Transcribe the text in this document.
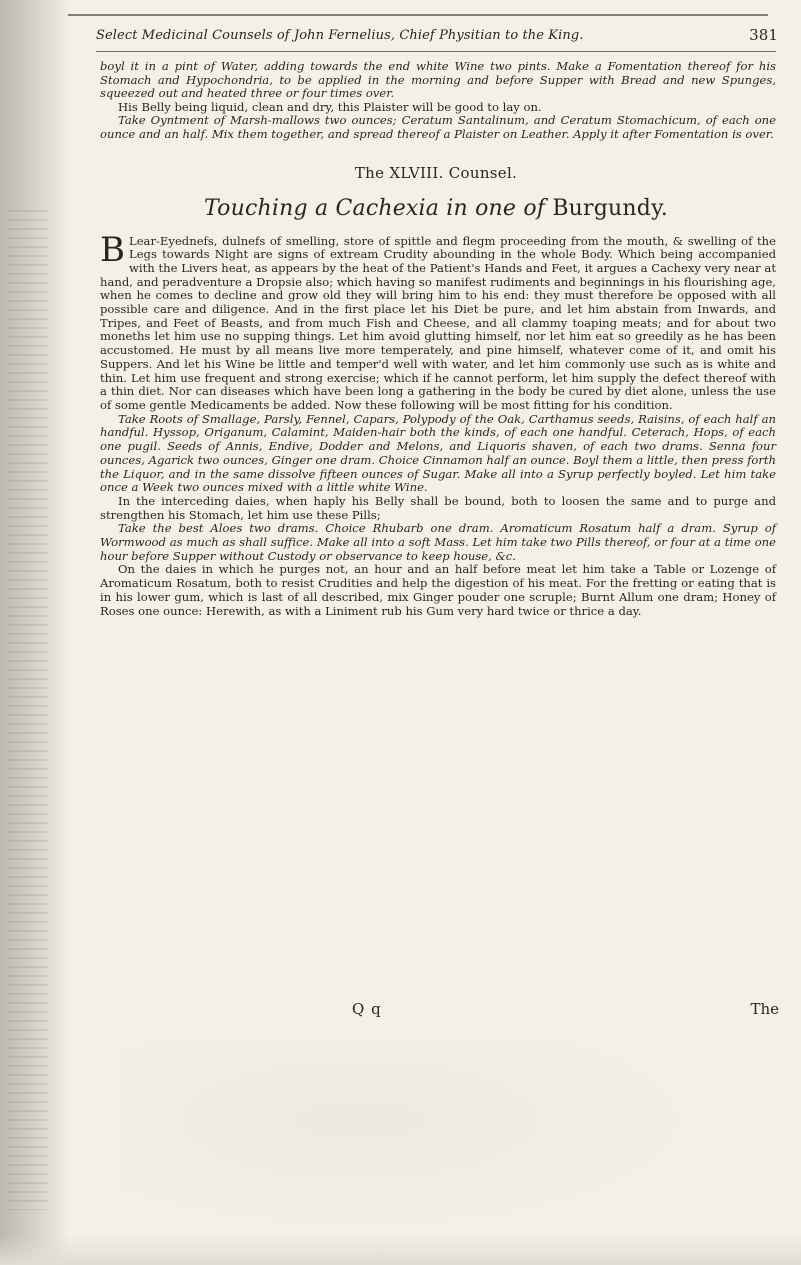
Select Medicinal Counsels of John Fernelius, Chief Physitian to the King.	381

boyl it in a pint of Water, adding towards the end white Wine two pints. Make a Fomentation thereof for his Stomach and Hypochondria, to be applied in the morning and before Supper with Bread and new Spunges, squeezed out and heated three or four times over.

His Belly being liquid, clean and dry, this Plaister will be good to lay on.

Take Oyntment of Marsh-mallows two ounces; Ceratum Santalinum, and Ceratum Stomachicum, of each one ounce and an half. Mix them together, and spread thereof a Plaister on Leather. Apply it after Fomentation is over.

The XLVIII. Counsel.
Touching a Cachexia in one of Burgundy.

B Lear-Eyednefs, dulnefs of smelling, store of spittle and flegm proceeding from the mouth, & swelling of the Legs towards Night are signs of extream Crudity abounding in the whole Body. Which being accompanied with the Livers heat, as appears by the heat of the Patient's Hands and Feet, it argues a Cachexy very near at hand, and peradventure a Dropsie also; which having so manifest rudiments and beginnings in his flourishing age, when he comes to decline and grow old they will bring him to his end: they must therefore be opposed with all possible care and diligence. And in the first place let his Diet be pure, and let him abstain from Inwards, and Tripes, and Feet of Beasts, and from much Fish and Cheese, and all clammy toaping meats; and for about two moneths let him use no supping things. Let him avoid glutting himself, nor let him eat so greedily as he has been accustomed. He must by all means live more temperately, and pine himself, whatever come of it, and omit his Suppers. And let his Wine be little and temper'd well with water, and let him commonly use such as is white and thin. Let him use frequent and strong exercise; which if he cannot perform, let him supply the defect thereof with a thin diet. Nor can diseases which have been long a gathering in the body be cured by diet alone, unless the use of some gentle Medicaments be added. Now these following will be most fitting for his condition.

Take Roots of Smallage, Parsly, Fennel, Capars, Polypody of the Oak, Carthamus seeds, Raisins, of each half an handful. Hyssop, Origanum, Calamint, Maiden-hair both the kinds, of each one handful. Ceterach, Hops, of each one pugil. Seeds of Annis, Endive, Dodder and Melons, and Liquoris shaven, of each two drams. Senna four ounces, Agarick two ounces, Ginger one dram. Choice Cinnamon half an ounce. Boyl them a little, then press forth the Liquor, and in the same dissolve fifteen ounces of Sugar. Make all into a Syrup perfectly boyled. Let him take once a Week two ounces mixed with a little white Wine.

In the interceding daies, when haply his Belly shall be bound, both to loosen the same and to purge and strengthen his Stomach, let him use these Pills;

Take the best Aloes two drams. Choice Rhubarb one dram. Aromaticum Rosatum half a dram. Syrup of Wormwood as much as shall suffice. Make all into a soft Mass. Let him take two Pills thereof, or four at a time one hour before Supper without Custody or observance to keep house, &c.

On the daies in which he purges not, an hour and an half before meat let him take a Table or Lozenge of Aromaticum Rosatum, both to resist Crudities and help the digestion of his meat. For the fretting or eating that is in his lower gum, which is last of all described, mix Ginger pouder one scruple; Burnt Allum one dram; Honey of Roses one ounce: Herewith, as with a Liniment rub his Gum very hard twice or thrice a day.

Q q	The
